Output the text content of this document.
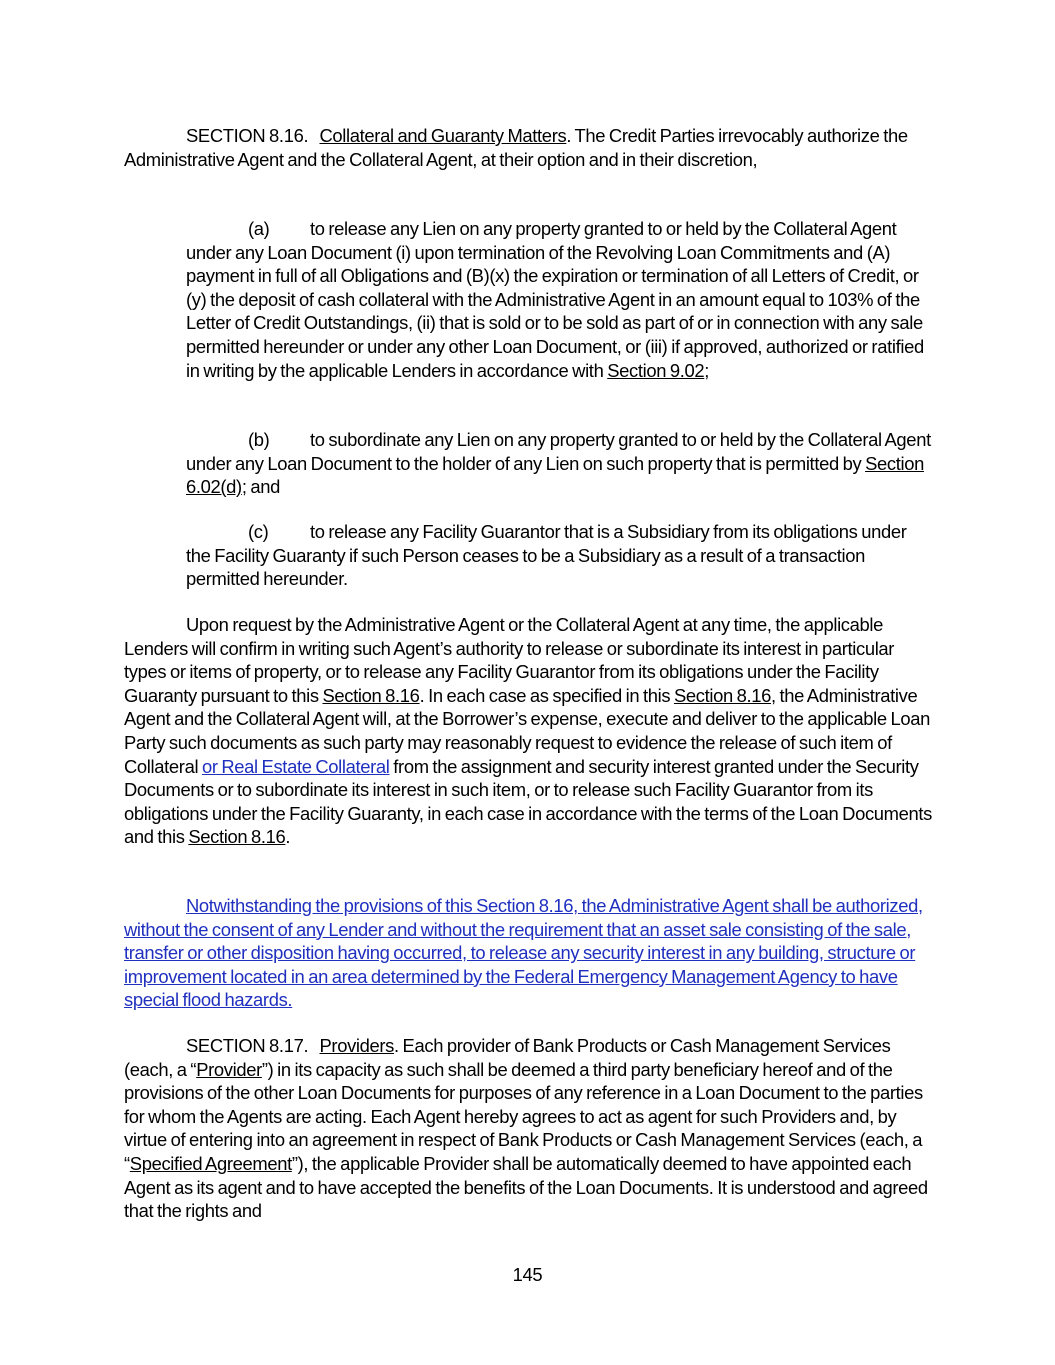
SECTION 8.16. Collateral and Guaranty Matters. The Credit Parties irrevocably authorize the Administrative Agent and the Collateral Agent, at their option and in their discretion,

(a) to release any Lien on any property granted to or held by the Collateral Agent under any Loan Document (i) upon termination of the Revolving Loan Commitments and (A) payment in full of all Obligations and (B)(x) the expiration or termination of all Letters of Credit, or (y) the deposit of cash collateral with the Administrative Agent in an amount equal to 103% of the Letter of Credit Outstandings, (ii) that is sold or to be sold as part of or in connection with any sale permitted hereunder or under any other Loan Document, or (iii) if approved, authorized or ratified in writing by the applicable Lenders in accordance with Section 9.02;

(b) to subordinate any Lien on any property granted to or held by the Collateral Agent under any Loan Document to the holder of any Lien on such property that is permitted by Section 6.02(d); and

(c) to release any Facility Guarantor that is a Subsidiary from its obligations under the Facility Guaranty if such Person ceases to be a Subsidiary as a result of a transaction permitted hereunder.

Upon request by the Administrative Agent or the Collateral Agent at any time, the applicable Lenders will confirm in writing such Agent’s authority to release or subordinate its interest in particular types or items of property, or to release any Facility Guarantor from its obligations under the Facility Guaranty pursuant to this Section 8.16. In each case as specified in this Section 8.16, the Administrative Agent and the Collateral Agent will, at the Borrower’s expense, execute and deliver to the applicable Loan Party such documents as such party may reasonably request to evidence the release of such item of Collateral or Real Estate Collateral from the assignment and security interest granted under the Security Documents or to subordinate its interest in such item, or to release such Facility Guarantor from its obligations under the Facility Guaranty, in each case in accordance with the terms of the Loan Documents and this Section 8.16.

Notwithstanding the provisions of this Section 8.16, the Administrative Agent shall be authorized, without the consent of any Lender and without the requirement that an asset sale consisting of the sale, transfer or other disposition having occurred, to release any security interest in any building, structure or improvement located in an area determined by the Federal Emergency Management Agency to have special flood hazards.

SECTION 8.17. Providers. Each provider of Bank Products or Cash Management Services (each, a “Provider”) in its capacity as such shall be deemed a third party beneficiary hereof and of the provisions of the other Loan Documents for purposes of any reference in a Loan Document to the parties for whom the Agents are acting. Each Agent hereby agrees to act as agent for such Providers and, by virtue of entering into an agreement in respect of Bank Products or Cash Management Services (each, a “Specified Agreement”), the applicable Provider shall be automatically deemed to have appointed each Agent as its agent and to have accepted the benefits of the Loan Documents. It is understood and agreed that the rights and

145
